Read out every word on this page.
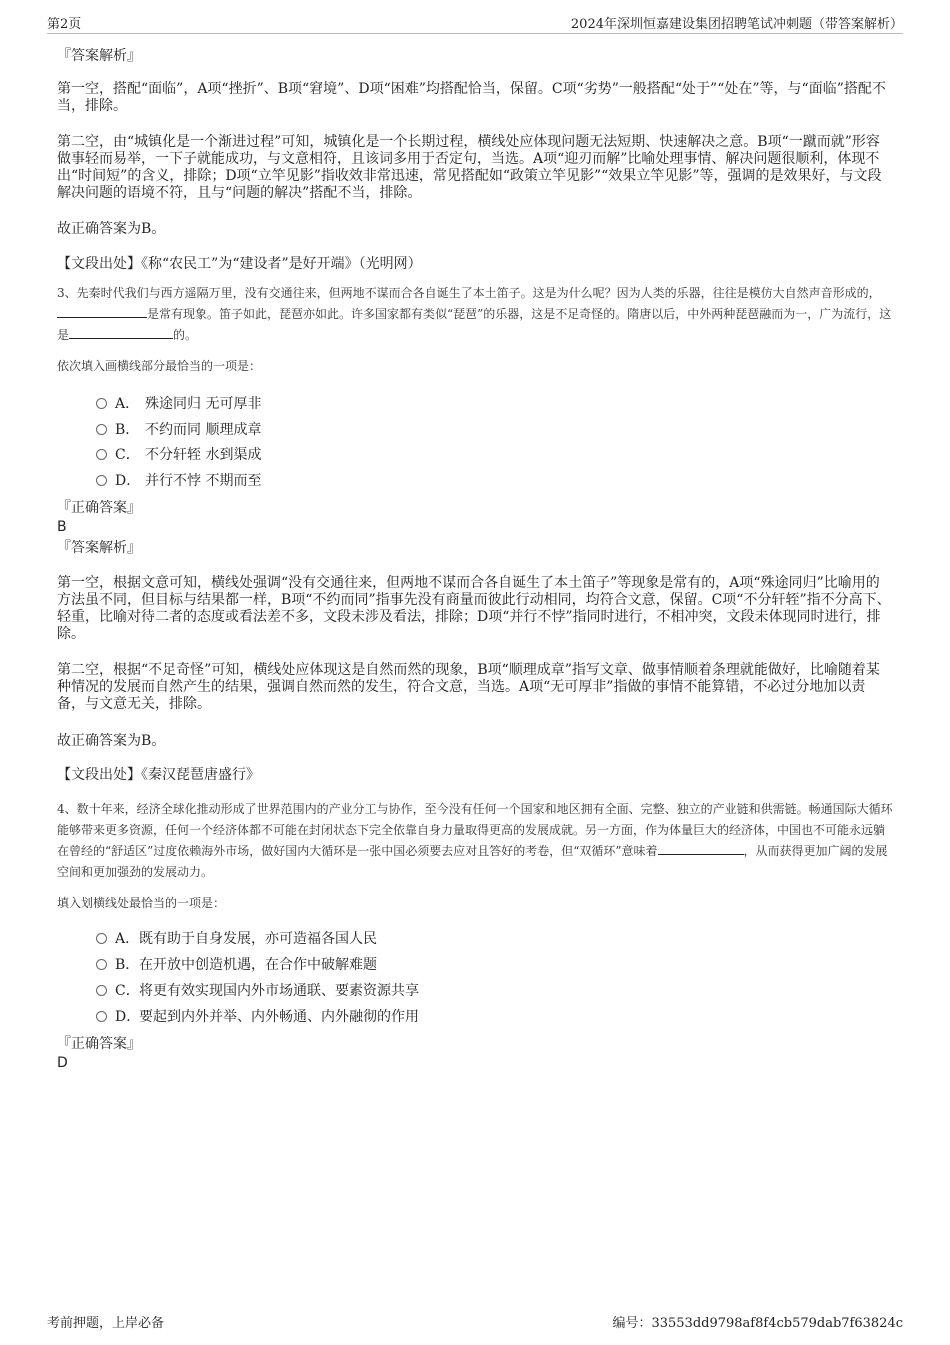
第2页	2024年深圳恒嘉建设集团招聘笔试冲刺题（带答案解析）
『答案解析』
第一空，搭配“面临”，A项“挫折”、B项“窘境”、D项“困难”均搭配恰当，保留。C项“劣势”一般搭配“处于”“处在”等，与“面临”搭配不当，排除。
第二空，由“城镇化是一个渐进过程”可知，城镇化是一个长期过程，横线处应体现问题无法短期、快速解决之意。B项“一蹴而就”形容做事轻而易举，一下子就能成功，与文意相符，且该词多用于否定句，当选。A项“迎刃而解”比喻处理事情、解决问题很顺利，体现不出“时间短”的含义，排除；D项“立竿见影”指收效非常迅速，常见搭配如“政策立竿见影”“效果立竿见影”等，强调的是效果好，与文段解决问题的语境不符，且与“问题的解决”搭配不当，排除。
故正确答案为B。
【文段出处】《称“农民工”为“建设者”是好开端》（光明网）
3、先秦时代我们与西方遥隔万里，没有交通往来，但两地不谋而合各自诞生了本土笛子。这是为什么呢？因为人类的乐器，往往是模仿大自然声音形成的，是常有现象。笛子如此，琵琶亦如此。许多国家都有类似“琵琶”的乐器，这是不足奇怪的。隋唐以后，中外两种琵琶融而为一，广为流行，这是	的。
依次填入画横线部分最恰当的一项是：
A． 殊途同归 无可厚非
B． 不约而同 顺理成章
C． 不分轩轾 水到渠成
D． 并行不悖 不期而至
『正确答案』
B
『答案解析』
第一空，根据文意可知，横线处强调“没有交通往来，但两地不谋而合各自诞生了本土笛子”等现象是常有的，A项“殊途同归”比喻用的方法虽不同，但目标与结果都一样，B项“不约而同”指事先没有商量而彼此行动相同，均符合文意，保留。C项“不分轩轾”指不分高下、轻重，比喻对待二者的态度或看法差不多，文段未涉及看法，排除；D项“并行不悖”指同时进行，不相冲突，文段未体现同时进行，排除。
第二空，根据“不足奇怪”可知，横线处应体现这是自然而然的现象，B项“顺理成章”指写文章、做事情顺着条理就能做好，比喻随着某种情况的发展而自然产生的结果，强调自然而然的发生，符合文意，当选。A项“无可厚非”指做的事情不能算错，不必过分地加以责备，与文意无关，排除。
故正确答案为B。
【文段出处】《秦汉琵琶唐盛行》
4、数十年来，经济全球化推动形成了世界范围内的产业分工与协作，至今没有任何一个国家和地区拥有全面、完整、独立的产业链和供需链。畅通国际大循环能够带来更多资源，任何一个经济体都不可能在封闭状态下完全依靠自身力量取得更高的发展成就。另一方面，作为体量巨大的经济体，中国也不可能永远躺在曾经的“舒适区”过度依赖海外市场，做好国内大循环是一张中国必须要去应对且答好的考卷，但“双循环”意味着	，从而获得更加广阔的发展空间和更加强劲的发展动力。
填入划横线处最恰当的一项是：
A．既有助于自身发展，亦可造福各国人民
B．在开放中创造机遇，在合作中破解难题
C．将更有效实现国内外市场通联、要素资源共享
D．要起到内外并举、内外畅通、内外融彻的作用
『正确答案』
D
考前押题，上岸必备	编号：33553dd9798af8f4cb579dab7f63824c
